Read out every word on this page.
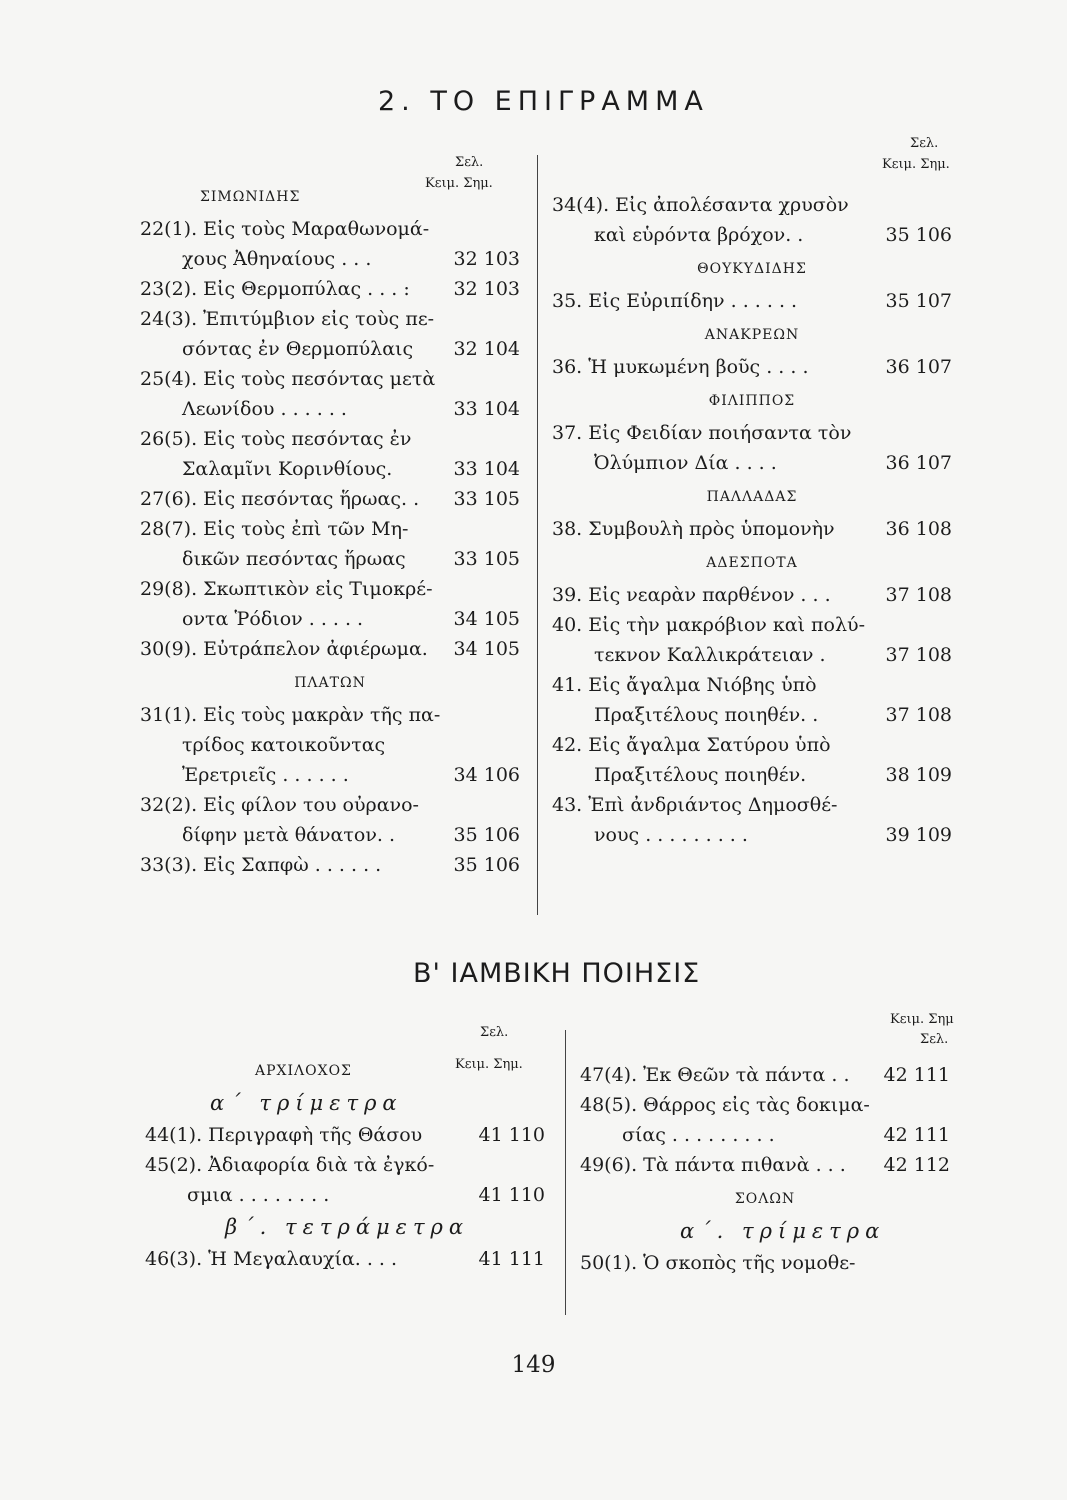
2. ΤΟ ΕΠΙΓΡΑΜΜΑ
Σελ.
Κειμ. Σημ.
Σελ.
Κειμ. Σημ.
ΣΙΜΩΝΙΔΗΣ
22(1). Εἰς τοὺς Μαραθωνομά-
χους Ἀθηναίους . . .	32 103
23(2). Εἰς Θερμοπύλας . . . : 32 103
24(3). Ἐπιτύμβιον εἰς τοὺς πε-
σόντας ἐν Θερμοπύλαις 32 104
25(4). Εἰς τοὺς πεσόντας μετὰ
Λεωνίδου . . . . . .	33 104
26(5). Εἰς τοὺς πεσόντας ἐν
Σαλαμῖνι Κορινθίους.	33 104
27(6). Εἰς πεσόντας ἥρωας. . 33 105
28(7). Εἰς τοὺς ἐπὶ τῶν Μη-
δικῶν πεσόντας ἥρωας	33 105
29(8). Σκωπτικὸν εἰς Τιμοκρέ-
οντα Ῥόδιον . . . . .	34 105
30(9). Εὐτράπελον ἀφιέρωμα. 34 105
ΠΛΑΤΩΝ
31(1). Εἰς τοὺς μακρὰν τῆς πα-
τρίδος κατοικοῦντας
Ἐρετριεῖς . . . . . .	34 106
32(2). Εἰς φίλον του οὐρανο-
δίφην μετὰ θάνατον. .	35 106
33(3). Εἰς Σαπφὼ . . . . . .	35 106
34(4). Εἰς ἀπολέσαντα χρυσὸν
καὶ εὑρόντα βρόχον. .	35 106
ΘΟΥΚΥΔΙΔΗΣ
35. Εἰς Εὐριπίδην . . . . . .	35 107
ΑΝΑΚΡΕΩΝ
36. Ἡ μυκωμένη βοῦς . . . .	36 107
ΦΙΛΙΠΠΟΣ
37. Εἰς Φειδίαν ποιήσαντα τὸν
Ὀλύμπιον Δία . . . .	36 107
ΠΑΛΛΑΔΑΣ
38. Συμβουλὴ πρὸς ὑπομονὴν	36 108
ΑΔΕΣΠΟΤΑ
39. Εἰς νεαρὰν παρθένον . . .	37 108
40. Εἰς τὴν μακρόβιον καὶ πολύ-
τεκνον Καλλικράτειαν .	37 108
41. Εἰς ἄγαλμα Νιόβης ὑπὸ
Πραξιτέλους ποιηθέν. .	37 108
42. Εἰς ἄγαλμα Σατύρου ὑπὸ
Πραξιτέλους ποιηθέν.	38 109
43. Ἐπὶ ἀνδριάντος Δημοσθέ-
νους . . . . . . . . .	39 109
Β' ΙΑΜΒΙΚΗ ΠΟΙΗΣΙΣ
Σελ.
Κειμ. Σημ.
Κειμ. Σημ
Σελ.
ΑΡΧΙΛΟΧΟΣ
α΄ τρίμετρα
44(1). Περιγραφὴ τῆς Θάσου	41 110
45(2). Ἀδιαφορία διὰ τὰ ἐγκό-
σμια . . . . . . . .	41 110
β΄. τετράμετρα
46(3). Ἡ Μεγαλαυχία. . . .	41 111
47(4). Ἐκ Θεῶν τὰ πάντα . . 42 111
48(5). Θάρρος εἰς τὰς δοκιμα-
σίας . . . . . . . . .	42 111
49(6). Τὰ πάντα πιθανὰ . . . 42 112
ΣΟΛΩΝ
α΄. τρίμετρα
50(1). Ὁ σκοπὸς τῆς νομοθε-
149
